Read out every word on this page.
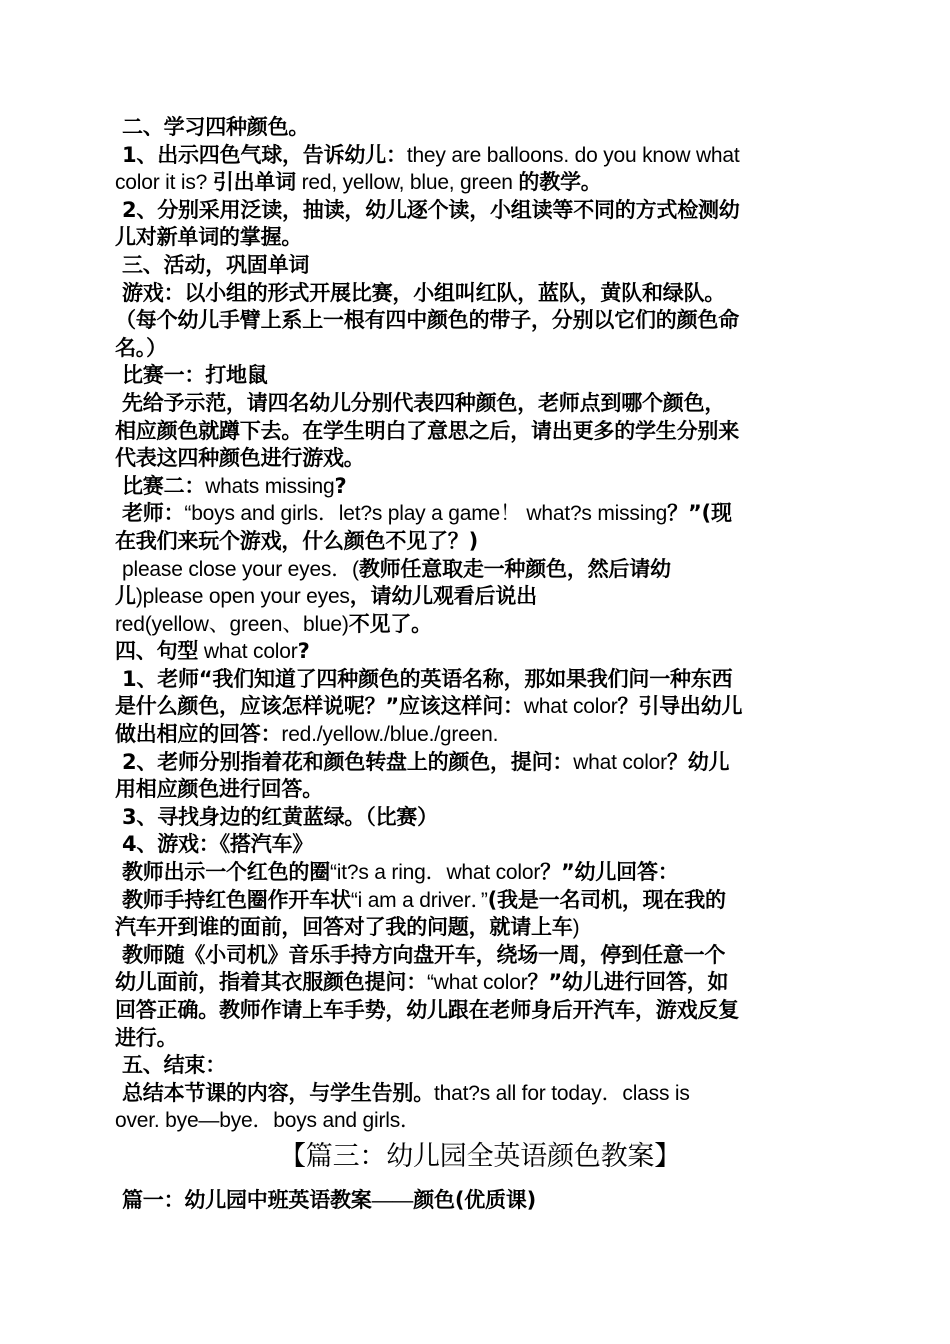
二、学习四种颜色。
1、出示四色气球，告诉幼儿：they are balloons. do you know what
color it is? 引出单词 red, yellow, blue, green 的教学。
2、分别采用泛读，抽读，幼儿逐个读，小组读等不同的方式检测幼
儿对新单词的掌握。
三、活动，巩固单词
游戏：以小组的形式开展比赛，小组叫红队，蓝队，黄队和绿队。
（每个幼儿手臂上系上一根有四中颜色的带子，分别以它们的颜色命
名。）
比赛一：打地鼠
先给予示范，请四名幼儿分别代表四种颜色，老师点到哪个颜色，
相应颜色就蹲下去。在学生明白了意思之后，请出更多的学生分别来
代表这四种颜色进行游戏。
比赛二：whats missing?
老师：“boys and girls．let?s play a game！ what?s missing？”(现
在我们来玩个游戏，什么颜色不见了？)
please close your eyes．(教师任意取走一种颜色，然后请幼
儿)please open your eyes，请幼儿观看后说出
red(yellow、green、blue)不见了。
四、句型 what color?
1、老师“我们知道了四种颜色的英语名称，那如果我们问一种东西
是什么颜色，应该怎样说呢？”应该这样问：what color？引导出幼儿
做出相应的回答：red./yellow./blue./green.
2、老师分别指着花和颜色转盘上的颜色，提问：what color？幼儿
用相应颜色进行回答。
3、寻找身边的红黄蓝绿。（比赛）
4、游戏：《搭汽车》
教师出示一个红色的圈“it?s a ring．what color？”幼儿回答：
教师手持红色圈作开车状“i am a driver．”(我是一名司机，现在我的
汽车开到谁的面前，回答对了我的问题，就请上车)
教师随《小司机》音乐手持方向盘开车，绕场一周，停到任意一个
幼儿面前，指着其衣服颜色提问：“what color？”幼儿进行回答，如
回答正确。教师作请上车手势，幼儿跟在老师身后开汽车，游戏反复
进行。
五、结束：
总结本节课的内容，与学生告别。that?s all for today．class is
over. bye—bye．boys and girls．
【篇三：幼儿园全英语颜色教案】
篇一：幼儿园中班英语教案——颜色(优质课)
